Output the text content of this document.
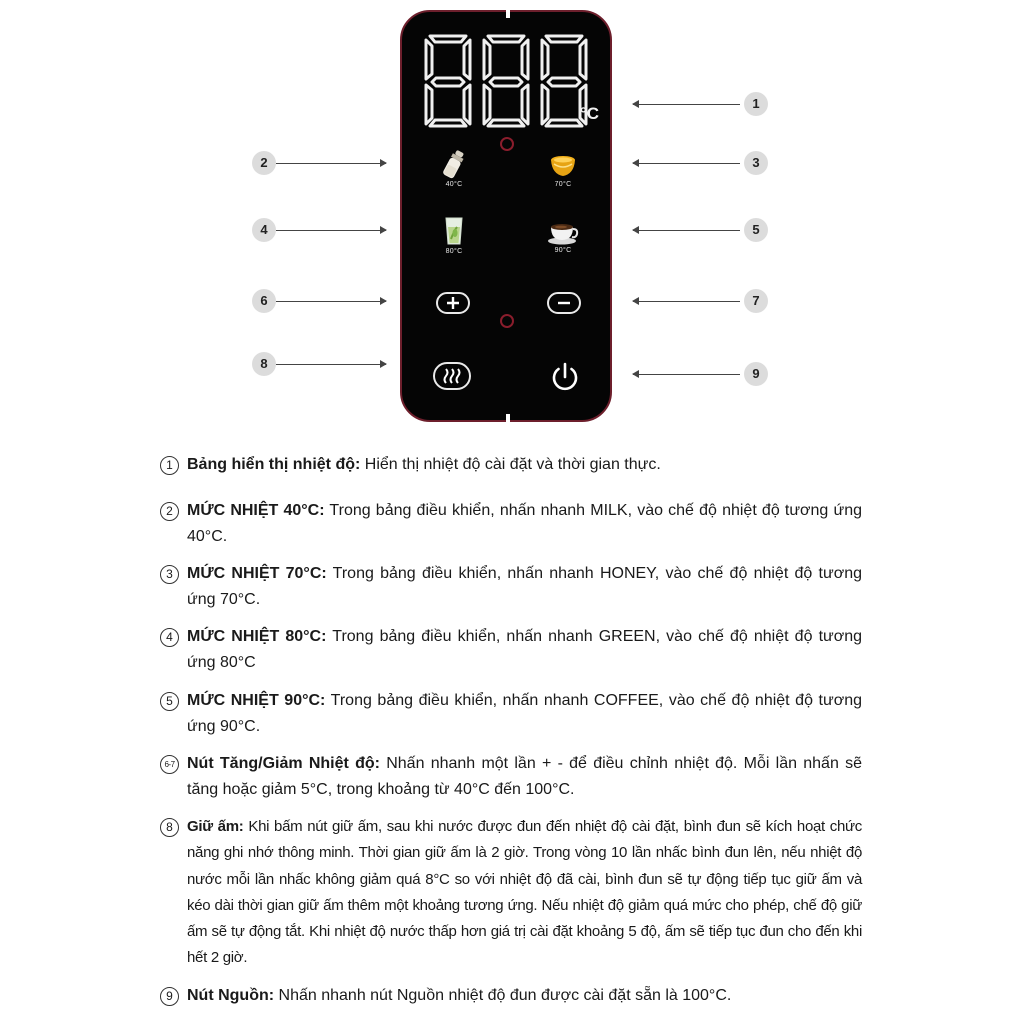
°C
40°C	70°C
80°C	90°C
1
2	3
4	5
6	7
8
9
1 Bảng hiển thị nhiệt độ: Hiển thị nhiệt độ cài đặt và thời gian thực.
2 MỨC NHIỆT 40°C: Trong bảng điều khiển, nhấn nhanh MILK, vào chế độ nhiệt độ tương ứng 40°C.
3 MỨC NHIỆT 70°C: Trong bảng điều khiển, nhấn nhanh HONEY, vào chế độ nhiệt độ tương ứng 70°C.
4 MỨC NHIỆT 80°C: Trong bảng điều khiển, nhấn nhanh GREEN, vào chế độ nhiệt độ tương ứng 80°C
5 MỨC NHIỆT 90°C: Trong bảng điều khiển, nhấn nhanh COFFEE, vào chế độ nhiệt độ tương ứng 90°C.
6-7 Nút Tăng/Giảm Nhiệt độ: Nhấn nhanh một lần + - để điều chỉnh nhiệt độ. Mỗi lần nhấn sẽ tăng hoặc giảm 5°C, trong khoảng từ 40°C đến 100°C.
8 Giữ ấm: Khi bấm nút giữ ấm, sau khi nước được đun đến nhiệt độ cài đặt, bình đun sẽ kích hoạt chức năng ghi nhớ thông minh. Thời gian giữ ấm là 2 giờ. Trong vòng 10 lần nhấc bình đun lên, nếu nhiệt độ nước mỗi lần nhấc không giảm quá 8°C so với nhiệt độ đã cài, bình đun sẽ tự động tiếp tục giữ ấm và kéo dài thời gian giữ ấm thêm một khoảng tương ứng. Nếu nhiệt độ giảm quá mức cho phép, chế độ giữ ấm sẽ tự động tắt. Khi nhiệt độ nước thấp hơn giá trị cài đặt khoảng 5 độ, ấm sẽ tiếp tục đun cho đến khi hết 2 giờ.
9 Nút Nguồn: Nhấn nhanh nút Nguồn nhiệt độ đun được cài đặt sẵn là 100°C.
